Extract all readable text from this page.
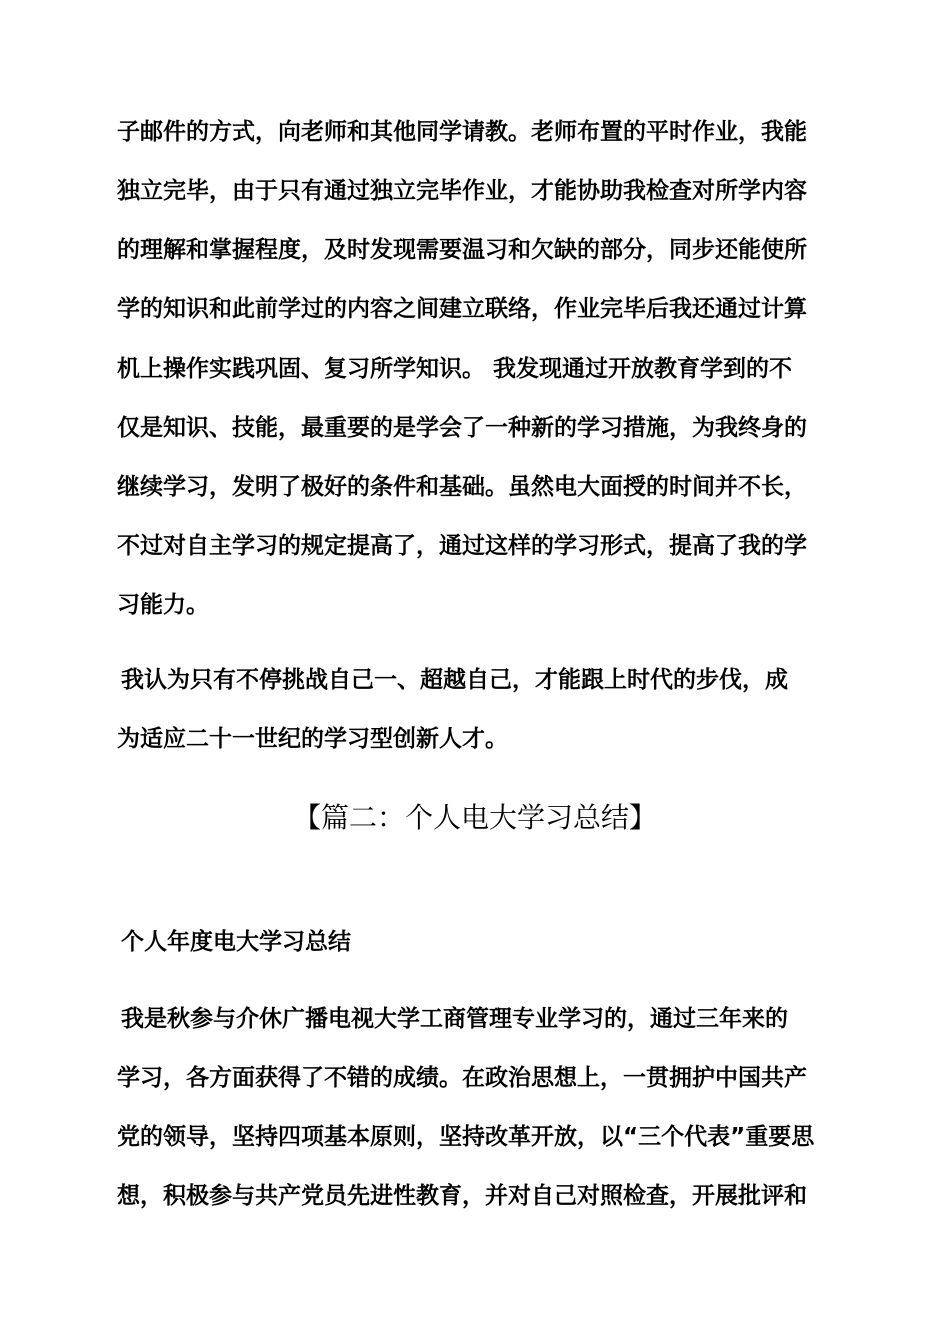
子邮件的方式，向老师和其他同学请教。老师布置的平时作业，我能
独立完毕，由于只有通过独立完毕作业，才能协助我检查对所学内容
的理解和掌握程度，及时发现需要温习和欠缺的部分，同步还能使所
学的知识和此前学过的内容之间建立联络，作业完毕后我还通过计算
机上操作实践巩固、复习所学知识。 我发现通过开放教育学到的不
仅是知识、技能，最重要的是学会了一种新的学习措施，为我终身的
继续学习，发明了极好的条件和基础。虽然电大面授的时间并不长，
不过对自主学习的规定提高了，通过这样的学习形式，提高了我的学
习能力。
我认为只有不停挑战自己一、超越自己，才能跟上时代的步伐，成
为适应二十一世纪的学习型创新人才。
【篇二：个人电大学习总结】
个人年度电大学习总结
我是秋参与介休广播电视大学工商管理专业学习的，通过三年来的
学习，各方面获得了不错的成绩。在政治思想上，一贯拥护中国共产
党的领导，坚持四项基本原则，坚持改革开放，以“三个代表”重要思
想，积极参与共产党员先进性教育，并对自己对照检查，开展批评和
